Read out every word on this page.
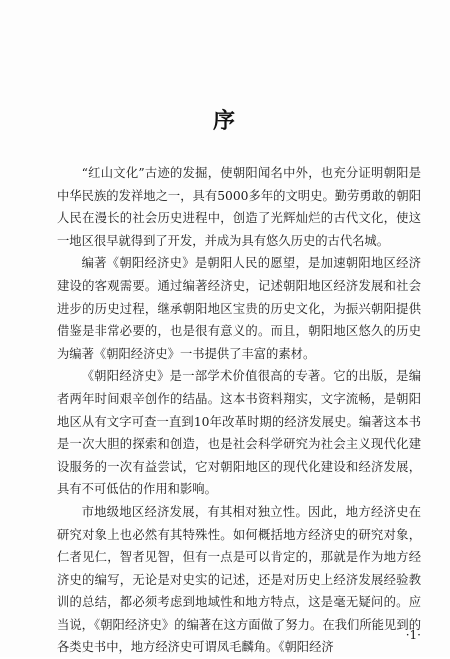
序

“红山文化”古迹的发掘，使朝阳闻名中外，也充分证明朝阳是中华民族的发祥地之一，具有5000多年的文明史。勤劳勇敢的朝阳人民在漫长的社会历史进程中，创造了光辉灿烂的古代文化，使这一地区很早就得到了开发，并成为具有悠久历史的古代名城。

编著《朝阳经济史》是朝阳人民的愿望，是加速朝阳地区经济建设的客观需要。通过编著经济史，记述朝阳地区经济发展和社会进步的历史过程，继承朝阳地区宝贵的历史文化，为振兴朝阳提供借鉴是非常必要的，也是很有意义的。而且，朝阳地区悠久的历史为编著《朝阳经济史》一书提供了丰富的素材。

《朝阳经济史》是一部学术价值很高的专著。它的出版，是编者两年时间艰辛创作的结晶。这本书资料翔实，文字流畅，是朝阳地区从有文字可查一直到10年改革时期的经济发展史。编著这本书是一次大胆的探索和创造，也是社会科学研究为社会主义现代化建设服务的一次有益尝试，它对朝阳地区的现代化建设和经济发展，具有不可低估的作用和影响。

市地级地区经济发展，有其相对独立性。因此，地方经济史在研究对象上也必然有其特殊性。如何概括地方经济史的研究对象，仁者见仁，智者见智，但有一点是可以肯定的，那就是作为地方经济史的编写，无论是对史实的记述，还是对历史上经济发展经验教训的总结，都必须考虑到地域性和地方特点，这是毫无疑问的。应当说，《朝阳经济史》的编著在这方面做了努力。在我们所能见到的各类史书中，地方经济史可谓凤毛麟角。《朝阳经济

·1·
